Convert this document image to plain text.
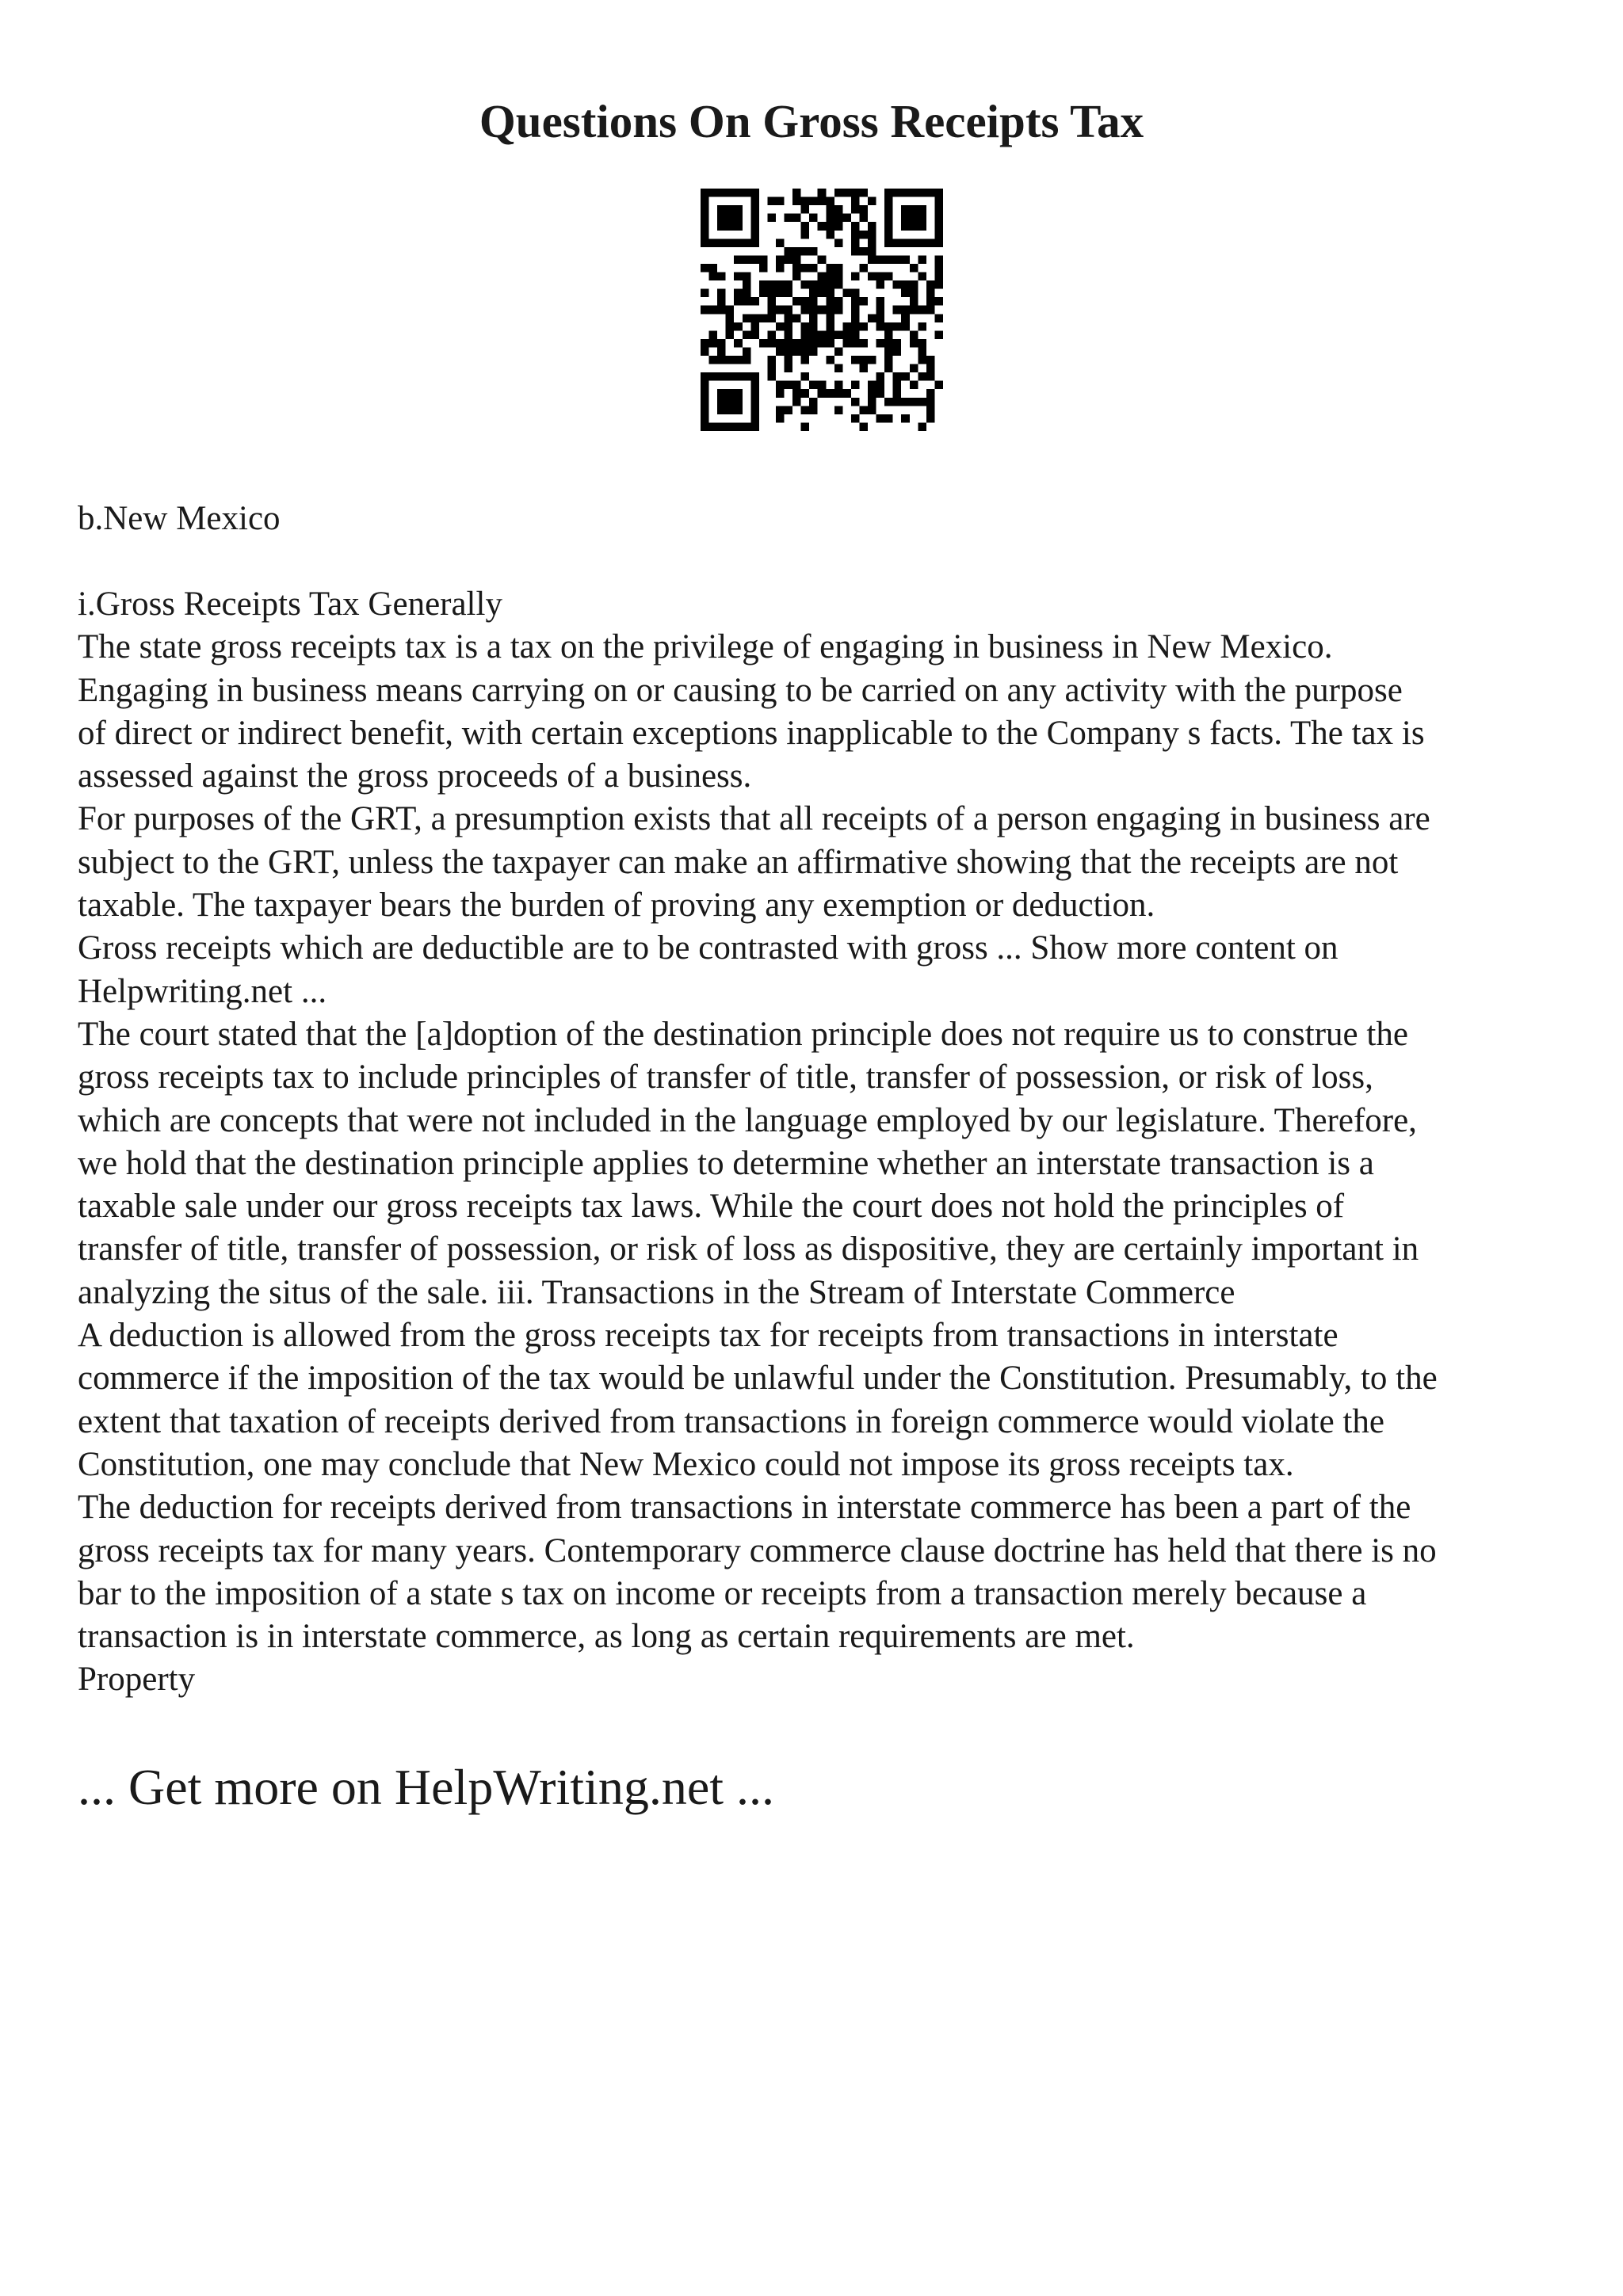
Questions On Gross Receipts Tax
b.New Mexico

i.Gross Receipts Tax Generally

The state gross receipts tax is a tax on the privilege of engaging in business in New Mexico.

Engaging in business means carrying on or causing to be carried on any activity with the purpose

of direct or indirect benefit, with certain exceptions inapplicable to the Company s facts. The tax is

assessed against the gross proceeds of a business.

For purposes of the GRT, a presumption exists that all receipts of a person engaging in business are

subject to the GRT, unless the taxpayer can make an affirmative showing that the receipts are not

taxable. The taxpayer bears the burden of proving any exemption or deduction.

Gross receipts which are deductible are to be contrasted with gross ... Show more content on

Helpwriting.net ...

The court stated that the [a]doption of the destination principle does not require us to construe the

gross receipts tax to include principles of transfer of title, transfer of possession, or risk of loss,

which are concepts that were not included in the language employed by our legislature. Therefore,

we hold that the destination principle applies to determine whether an interstate transaction is a

taxable sale under our gross receipts tax laws. While the court does not hold the principles of

transfer of title, transfer of possession, or risk of loss as dispositive, they are certainly important in

analyzing the situs of the sale. iii. Transactions in the Stream of Interstate Commerce

A deduction is allowed from the gross receipts tax for receipts from transactions in interstate

commerce if the imposition of the tax would be unlawful under the Constitution. Presumably, to the

extent that taxation of receipts derived from transactions in foreign commerce would violate the

Constitution, one may conclude that New Mexico could not impose its gross receipts tax.

The deduction for receipts derived from transactions in interstate commerce has been a part of the

gross receipts tax for many years. Contemporary commerce clause doctrine has held that there is no

bar to the imposition of a state s tax on income or receipts from a transaction merely because a

transaction is in interstate commerce, as long as certain requirements are met.

Property

... Get more on HelpWriting.net ...
